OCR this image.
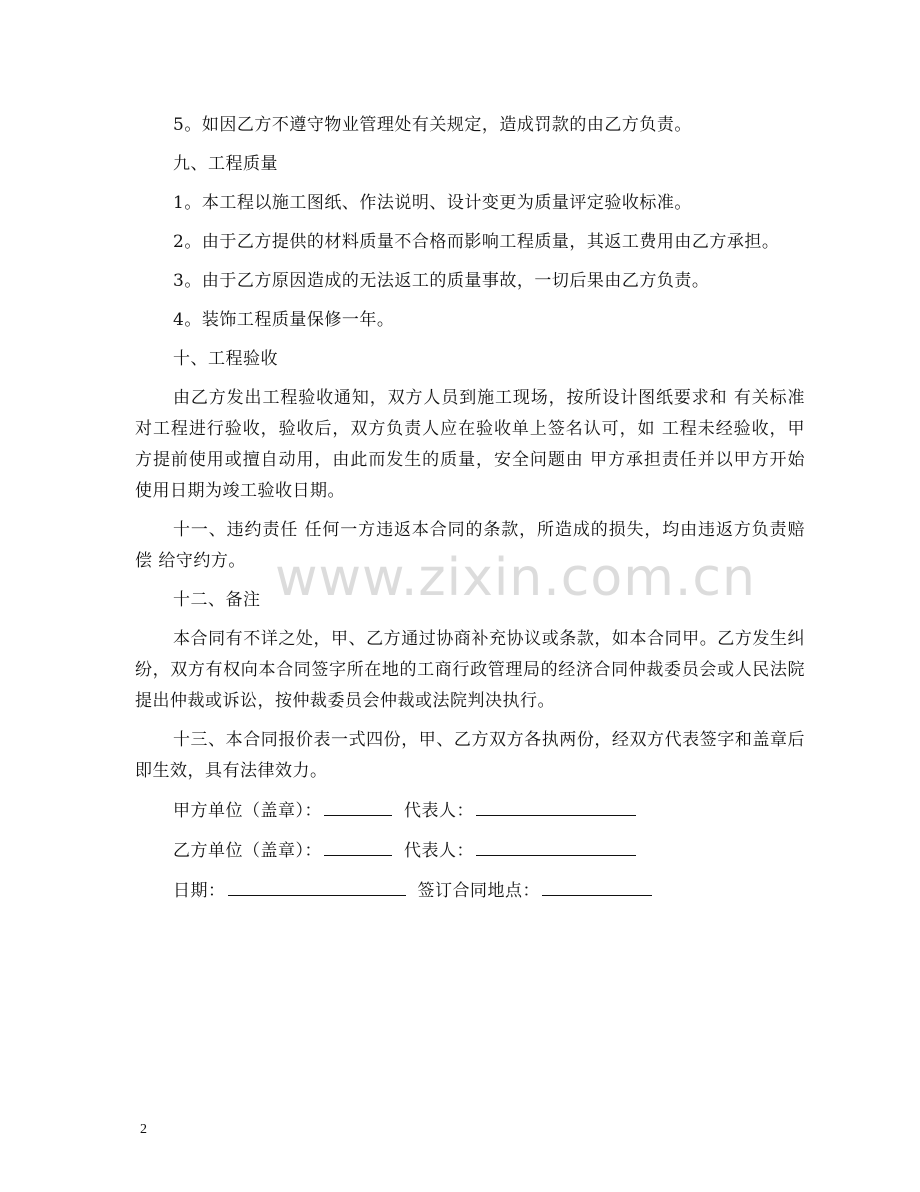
5。如因乙方不遵守物业管理处有关规定，造成罚款的由乙方负责。

九、工程质量

1。本工程以施工图纸、作法说明、设计变更为质量评定验收标准。

2。由于乙方提供的材料质量不合格而影响工程质量，其返工费用由乙方承担。

3。由于乙方原因造成的无法返工的质量事故，一切后果由乙方负责。

4。装饰工程质量保修一年。

十、工程验收

由乙方发出工程验收通知，双方人员到施工现场，按所设计图纸要求和 有关标准对工程进行验收，验收后，双方负责人应在验收单上签名认可，如 工程未经验收，甲方提前使用或擅自动用，由此而发生的质量，安全问题由 甲方承担责任并以甲方开始使用日期为竣工验收日期。

十一、违约责任 任何一方违返本合同的条款，所造成的损失，均由违返方负责赔偿 给守约方。

十二、备注

本合同有不详之处，甲、乙方通过协商补充协议或条款，如本合同甲。乙方发生纠纷，双方有权向本合同签字所在地的工商行政管理局的经济合同仲裁委员会或人民法院提出仲裁或诉讼，按仲裁委员会仲裁或法院判决执行。

十三、本合同报价表一式四份，甲、乙方双方各执两份，经双方代表签字和盖章后即生效，具有法律效力。

甲方单位（盖章）：	代表人：
乙方单位（盖章）：	代表人：
日期：	签订合同地点：
www.zixin.com.cn
2
